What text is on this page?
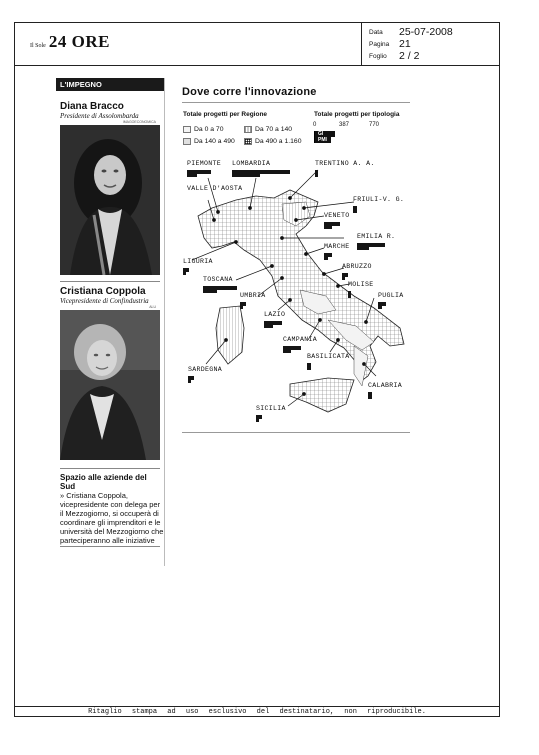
Il Sole 24 ORE	Data	25-07-2008
Pagina 21
Foglio	2 / 2
L'IMPEGNO
Diana Bracco
Presidente di Assolombarda
IMAGOECONOMICA
Cristiana Coppola
Vicepresidente di Confindustria
ALU
Spazio alle aziende del Sud
» Cristiana Coppola, vicepresidente con delega per il Mezzogiorno, si occuperà di coordinare gli imprenditori e le università del Mezzogiorno che parteciperanno alle iniziative
Dove corre l'innovazione
Totale progetti per Regione
Da 0 a 70	Da 70 a 140
Da 140 a 490	Da 490 a 1.160
Totale progetti per tipologia
0	387	770
GI
PMI
PIEMONTE LOMBARDIA	TRENTINO A. A.
VALLE D'AOSTA
FRIULI-V. G.
VENETO
EMILIA R.
MARCHE
LIGURIA
ABRUZZO
TOSCANA
MOLISE
UMBRIA	PUGLIA
LAZIO
CAMPANIA
BASILICATA
SARDEGNA
CALABRIA
SICILIA
Ritaglio stampa ad uso esclusivo del destinatario, non riproducibile.
